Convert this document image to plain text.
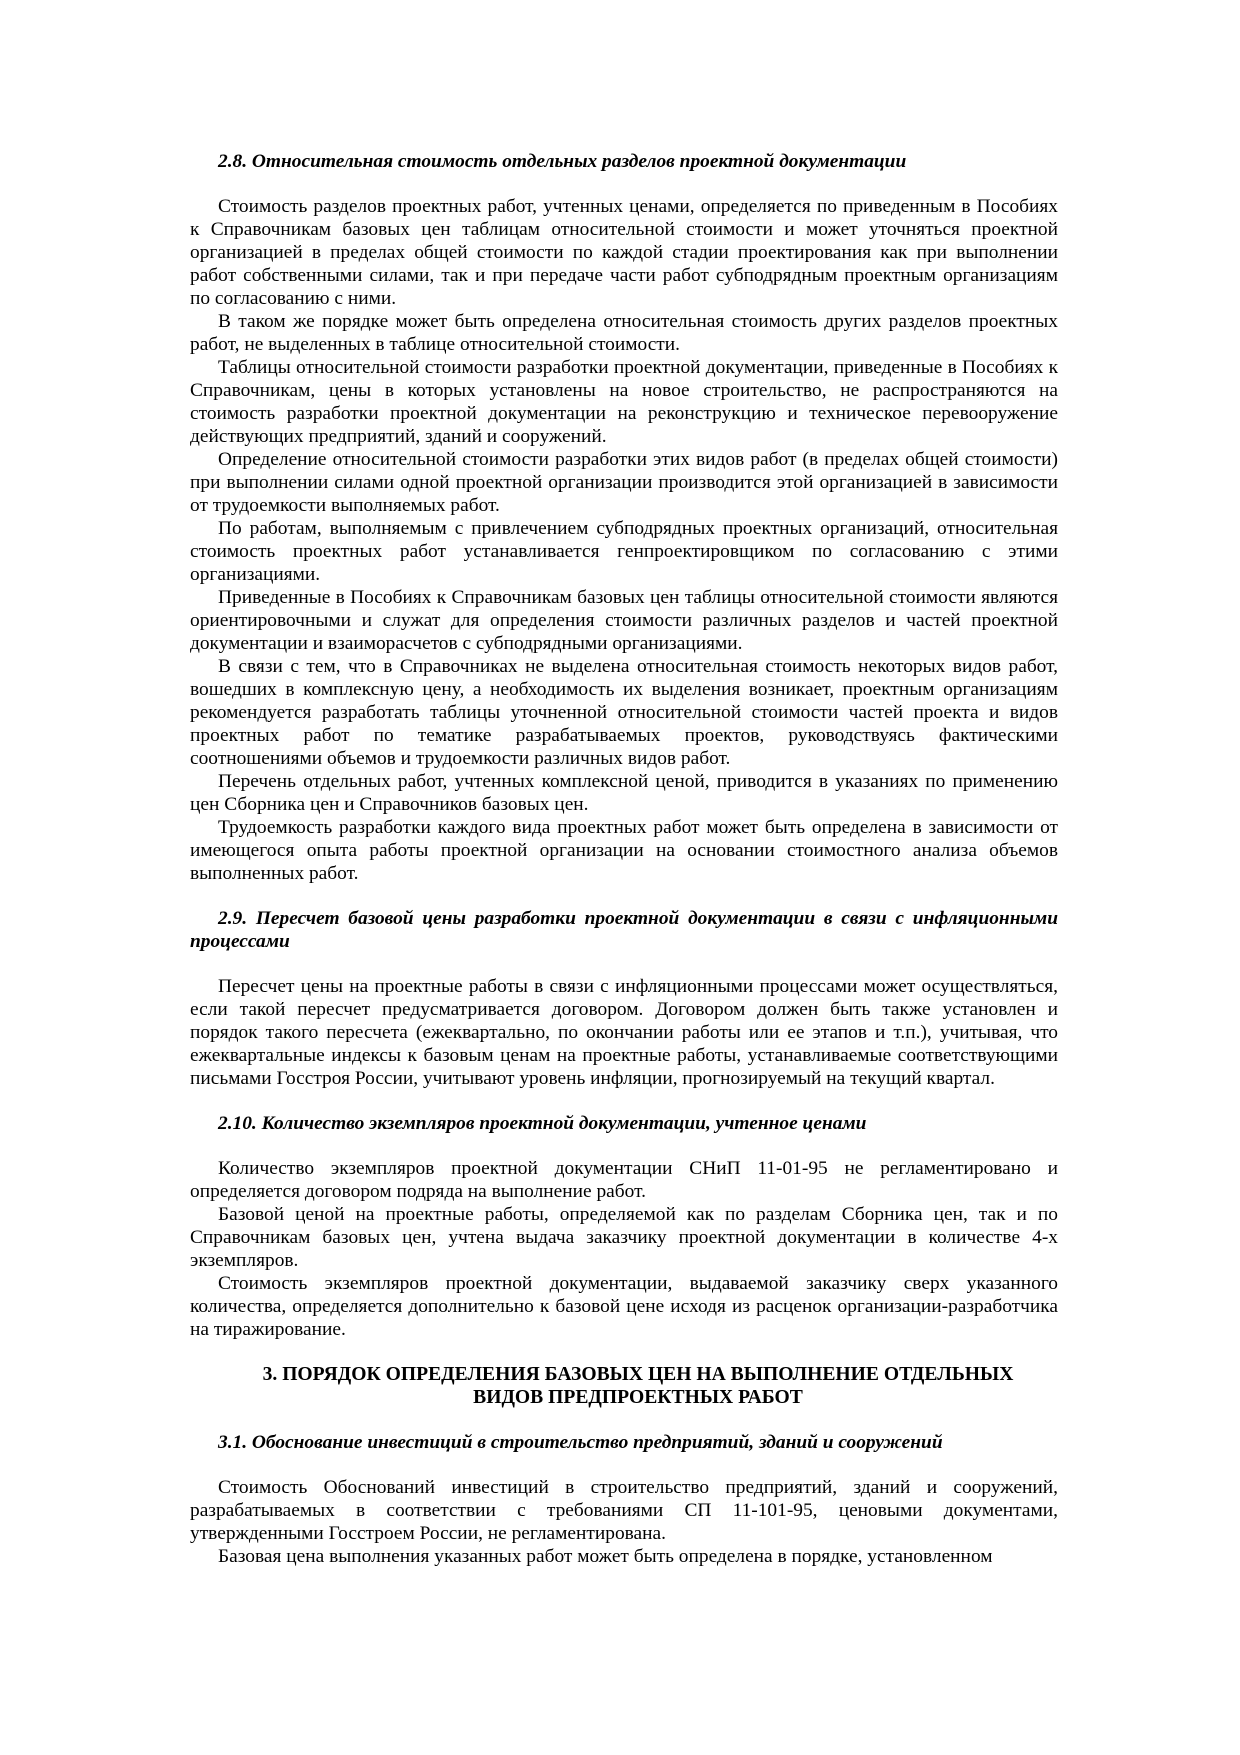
2.8. Относительная стоимость отдельных разделов проектной документации

Стоимость разделов проектных работ, учтенных ценами, определяется по приведенным в Пособиях к Справочникам базовых цен таблицам относительной стоимости и может уточняться проектной организацией в пределах общей стоимости по каждой стадии проектирования как при выполнении работ собственными силами, так и при передаче части работ субподрядным проектным организациям по согласованию с ними.

В таком же порядке может быть определена относительная стоимость других разделов проектных работ, не выделенных в таблице относительной стоимости.

Таблицы относительной стоимости разработки проектной документации, приведенные в Пособиях к Справочникам, цены в которых установлены на новое строительство, не распространяются на стоимость разработки проектной документации на реконструкцию и техническое перевооружение действующих предприятий, зданий и сооружений.

Определение относительной стоимости разработки этих видов работ (в пределах общей стоимости) при выполнении силами одной проектной организации производится этой организацией в зависимости от трудоемкости выполняемых работ.

По работам, выполняемым с привлечением субподрядных проектных организаций, относительная стоимость проектных работ устанавливается генпроектировщиком по согласованию с этими организациями.

Приведенные в Пособиях к Справочникам базовых цен таблицы относительной стоимости являются ориентировочными и служат для определения стоимости различных разделов и частей проектной документации и взаиморасчетов с субподрядными организациями.

В связи с тем, что в Справочниках не выделена относительная стоимость некоторых видов работ, вошедших в комплексную цену, а необходимость их выделения возникает, проектным организациям рекомендуется разработать таблицы уточненной относительной стоимости частей проекта и видов проектных работ по тематике разрабатываемых проектов, руководствуясь фактическими соотношениями объемов и трудоемкости различных видов работ.

Перечень отдельных работ, учтенных комплексной ценой, приводится в указаниях по применению цен Сборника цен и Справочников базовых цен.

Трудоемкость разработки каждого вида проектных работ может быть определена в зависимости от имеющегося опыта работы проектной организации на основании стоимостного анализа объемов выполненных работ.

2.9. Пересчет базовой цены разработки проектной документации в связи с инфляционными процессами

Пересчет цены на проектные работы в связи с инфляционными процессами может осуществляться, если такой пересчет предусматривается договором. Договором должен быть также установлен и порядок такого пересчета (ежеквартально, по окончании работы или ее этапов и т.п.), учитывая, что ежеквартальные индексы к базовым ценам на проектные работы, устанавливаемые соответствующими письмами Госстроя России, учитывают уровень инфляции, прогнозируемый на текущий квартал.

2.10. Количество экземпляров проектной документации, учтенное ценами

Количество экземпляров проектной документации СНиП 11-01-95 не регламентировано и определяется договором подряда на выполнение работ.

Базовой ценой на проектные работы, определяемой как по разделам Сборника цен, так и по Справочникам базовых цен, учтена выдача заказчику проектной документации в количестве 4-х экземпляров.

Стоимость экземпляров проектной документации, выдаваемой заказчику сверх указанного количества, определяется дополнительно к базовой цене исходя из расценок организации-разработчика на тиражирование.

3. ПОРЯДОК ОПРЕДЕЛЕНИЯ БАЗОВЫХ ЦЕН НА ВЫПОЛНЕНИЕ ОТДЕЛЬНЫХ

ВИДОВ ПРЕДПРОЕКТНЫХ РАБОТ

3.1. Обоснование инвестиций в строительство предприятий, зданий и сооружений

Стоимость Обоснований инвестиций в строительство предприятий, зданий и сооружений, разрабатываемых в соответствии с требованиями СП 11-101-95, ценовыми документами, утвержденными Госстроем России, не регламентирована.

Базовая цена выполнения указанных работ может быть определена в порядке, установленном
